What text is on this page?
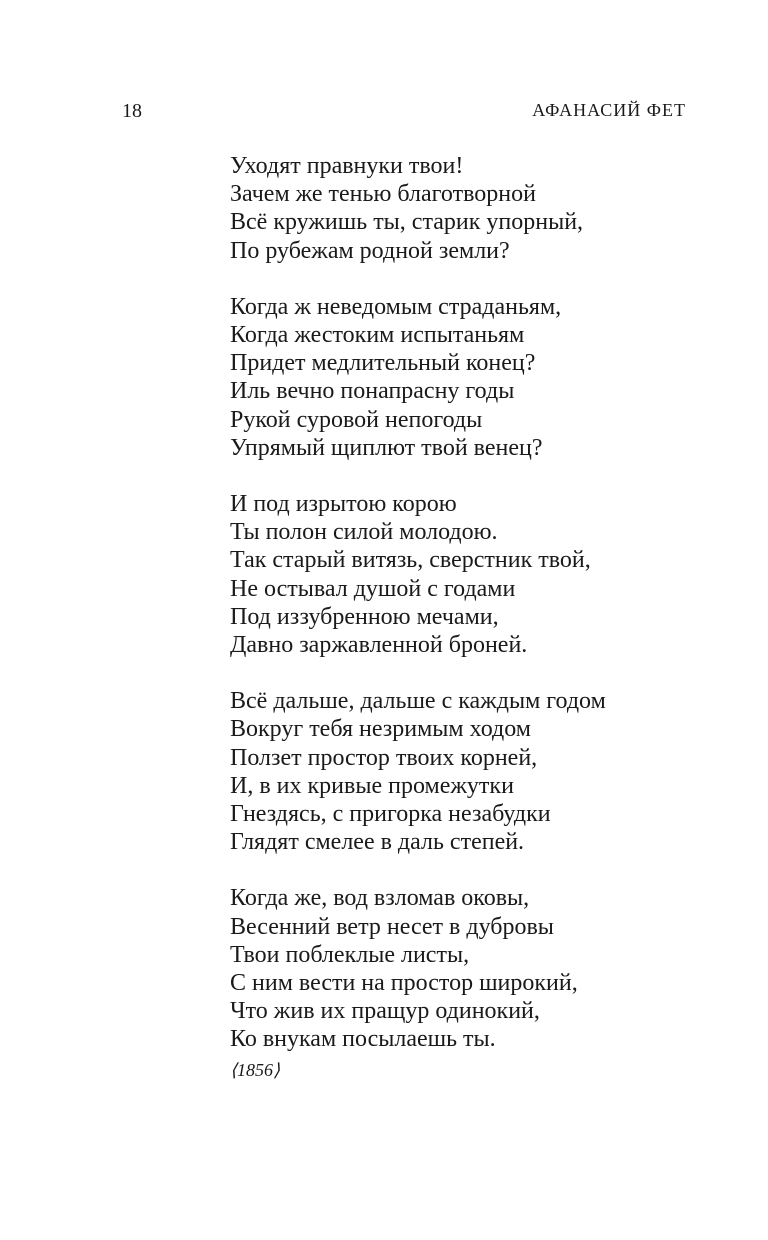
18	АФАНАСИЙ ФЕТ
Уходят правнуки твои!
Зачем же тенью благотворной
Всё кружишь ты, старик упорный,
По рубежам родной земли?
Когда ж неведомым страданьям,
Когда жестоким испытаньям
Придет медлительный конец?
Иль вечно понапрасну годы
Рукой суровой непогоды
Упрямый щиплют твой венец?
И под изрытою корою
Ты полон силой молодою.
Так старый витязь, сверстник твой,
Не остывал душой с годами
Под иззубренною мечами,
Давно заржавленной броней.
Всё дальше, дальше с каждым годом
Вокруг тебя незримым ходом
Ползет простор твоих корней,
И, в их кривые промежутки
Гнездясь, с пригорка незабудки
Глядят смелее в даль степей.
Когда же, вод взломав оковы,
Весенний ветр несет в дубровы
Твои поблеклые листы,
С ним вести на простор широкий,
Что жив их пращур одинокий,
Ко внукам посылаешь ты.
⟨1856⟩
